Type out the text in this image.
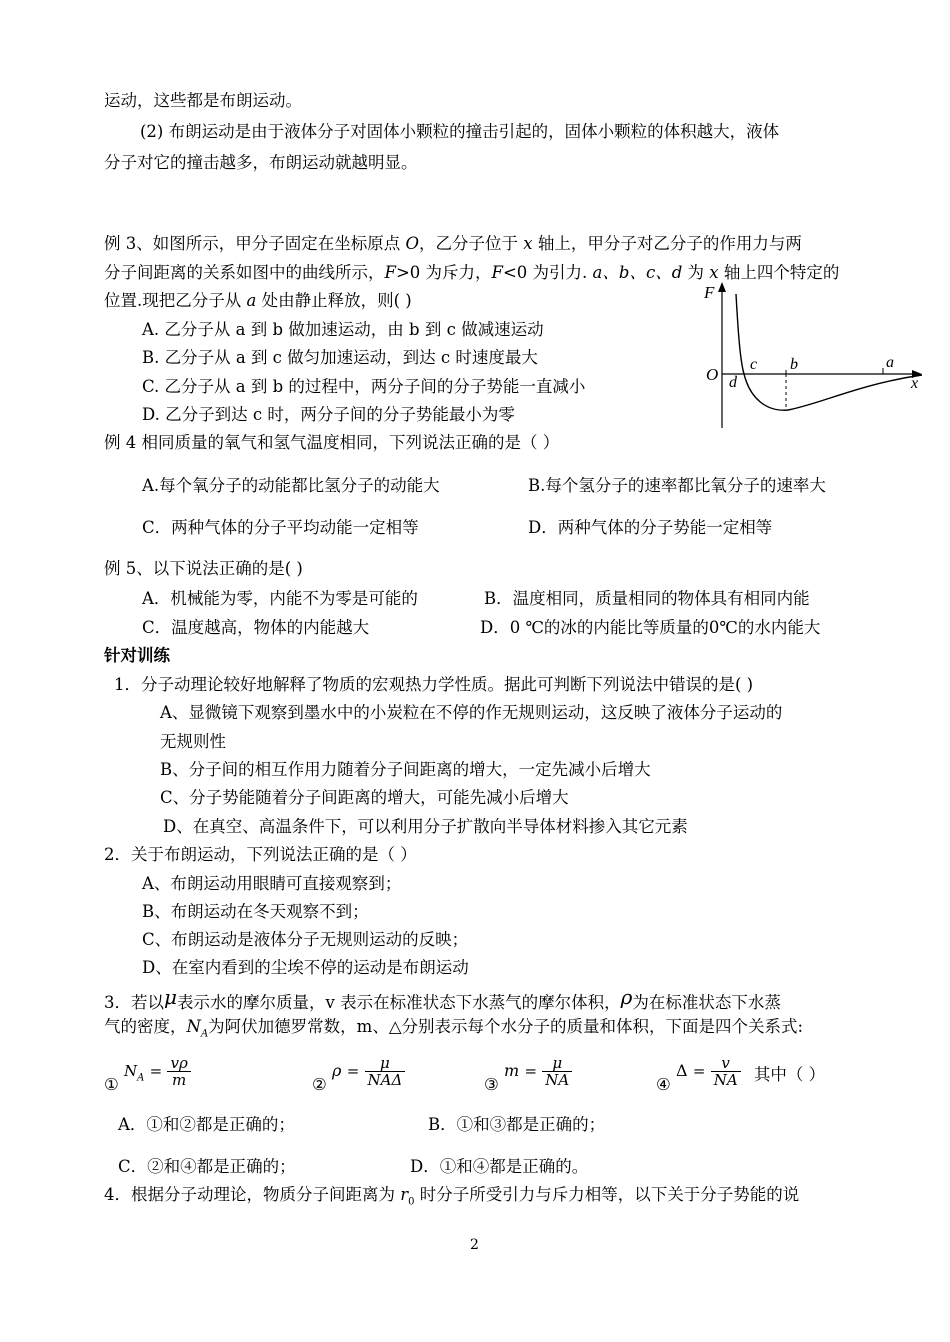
运动，这些都是布朗运动。
(2) 布朗运动是由于液体分子对固体小颗粒的撞击引起的，固体小颗粒的体积越大，液体
分子对它的撞击越多，布朗运动就越明显。
例 3、如图所示，甲分子固定在坐标原点 O，乙分子位于 x 轴上，甲分子对乙分子的作用力与两
分子间距离的关系如图中的曲线所示，F>0 为斥力，F<0 为引力. a、b、c、d 为 x 轴上四个特定的
位置.现把乙分子从 a 处由静止释放，则( )
A. 乙分子从 a 到 b 做加速运动，由 b 到 c 做减速运动
B. 乙分子从 a 到 c 做匀加速运动，到达 c 时速度最大
C. 乙分子从 a 到 b 的过程中，两分子间的分子势能一直减小
D. 乙分子到达 c 时，两分子间的分子势能最小为零
F
O
c b	a
d	x
例 4 相同质量的氧气和氢气温度相同，下列说法正确的是（ ）
A.每个氧分子的动能都比氢分子的动能大	B.每个氢分子的速率都比氧分子的速率大
C．两种气体的分子平均动能一定相等	D．两种气体的分子势能一定相等
例 5、以下说法正确的是( )
A．机械能为零，内能不为零是可能的	B．温度相同，质量相同的物体具有相同内能
C．温度越高，物体的内能越大	D．0 ℃的冰的内能比等质量的0℃的水内能大
针对训练
1．分子动理论较好地解释了物质的宏观热力学性质。据此可判断下列说法中错误的是( )
A、显微镜下观察到墨水中的小炭粒在不停的作无规则运动，这反映了液体分子运动的
无规则性
B、分子间的相互作用力随着分子间距离的增大，一定先减小后增大
C、分子势能随着分子间距离的增大，可能先减小后增大
D、在真空、高温条件下，可以利用分子扩散向半导体材料掺入其它元素
2．关于布朗运动，下列说法正确的是（ ）
A、布朗运动用眼睛可直接观察到；
B、布朗运动在冬天观察不到；
C、布朗运动是液体分子无规则运动的反映；
D、在室内看到的尘埃不停的运动是布朗运动
3．若以μ表示水的摩尔质量，v 表示在标准状态下水蒸气的摩尔体积，ρ为在标准状态下水蒸
气的密度，$N_A$为阿伏加德罗常数，m、△分别表示每个水分子的质量和体积，下面是四个关系式:
① $N_A = \frac{v\rho}{m}$	② $\rho = \frac{\mu}{\text{NAΔ}}$	③ $m = \frac{\mu}{NA}$	④ $\Delta = \frac{v}{NA}$ 其中（ ）
A．①和②都是正确的；	B．①和③都是正确的；
C．②和④都是正确的；	D．①和④都是正确的。
4．根据分子动理论，物质分子间距离为 $r_0$ 时分子所受引力与斥力相等，以下关于分子势能的说
2
